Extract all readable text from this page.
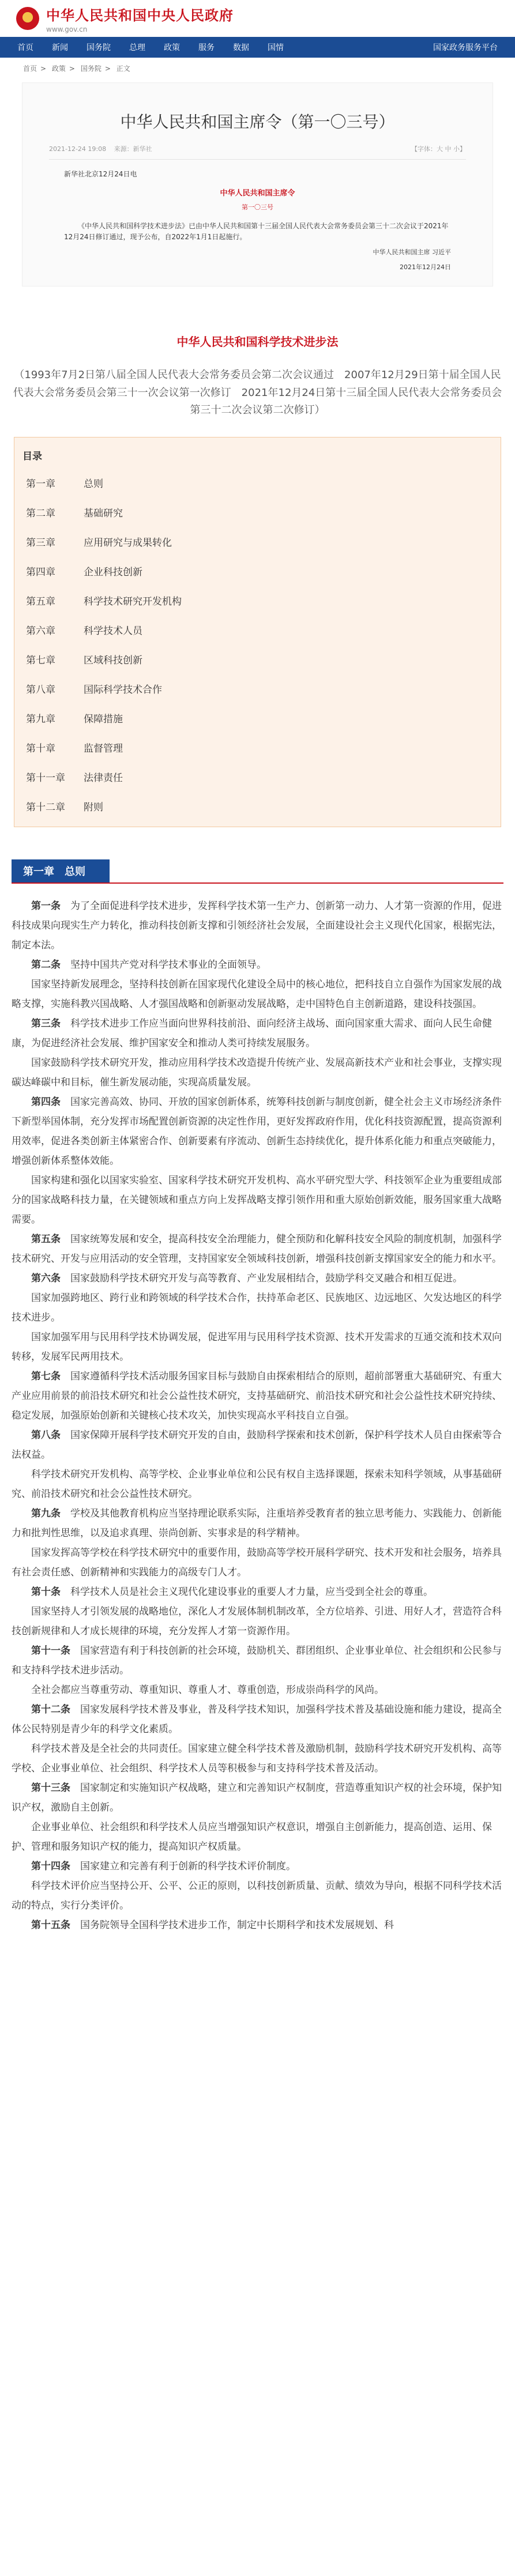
中华人民共和国中央人民政府
www.gov.cn
首页	新闻	国务院	总理	政策	服务	数据	国情	国家政务服务平台
首页 > 政策 > 国务院 > 正文
中华人民共和国主席令（第一〇三号）
2021-12-24 19:08 来源：新华社	【字体：大 中 小】
新华社北京12月24日电
中华人民共和国主席令
第一〇三号
《中华人民共和国科学技术进步法》已由中华人民共和国第十三届全国人民代表大会常务委员会第三十二次会议于2021年12月24日修订通过，现予公布，自2022年1月1日起施行。
中华人民共和国主席 习近平
2021年12月24日
中华人民共和国科学技术进步法
（1993年7月2日第八届全国人民代表大会常务委员会第二次会议通过　2007年12月29日第十届全国人民代表大会常务委员会第三十一次会议第一次修订　2021年12月24日第十三届全国人民代表大会常务委员会第三十二次会议第二次修订）
目录
第一章	总则
第二章	基础研究
第三章	应用研究与成果转化
第四章	企业科技创新
第五章	科学技术研究开发机构
第六章	科学技术人员
第七章	区域科技创新
第八章	国际科学技术合作
第九章	保障措施
第十章	监督管理
第十一章 法律责任
第十二章 附则
第一章　总则

第一条　为了全面促进科学技术进步，发挥科学技术第一生产力、创新第一动力、人才第一资源的作用，促进科技成果向现实生产力转化，推动科技创新支撑和引领经济社会发展，全面建设社会主义现代化国家，根据宪法，制定本法。

第二条　坚持中国共产党对科学技术事业的全面领导。

国家坚持新发展理念，坚持科技创新在国家现代化建设全局中的核心地位，把科技自立自强作为国家发展的战略支撑，实施科教兴国战略、人才强国战略和创新驱动发展战略，走中国特色自主创新道路，建设科技强国。

第三条　科学技术进步工作应当面向世界科技前沿、面向经济主战场、面向国家重大需求、面向人民生命健康，为促进经济社会发展、维护国家安全和推动人类可持续发展服务。

国家鼓励科学技术研究开发，推动应用科学技术改造提升传统产业、发展高新技术产业和社会事业，支撑实现碳达峰碳中和目标，催生新发展动能，实现高质量发展。

第四条　国家完善高效、协同、开放的国家创新体系，统筹科技创新与制度创新，健全社会主义市场经济条件下新型举国体制，充分发挥市场配置创新资源的决定性作用，更好发挥政府作用，优化科技资源配置，提高资源利用效率，促进各类创新主体紧密合作、创新要素有序流动、创新生态持续优化，提升体系化能力和重点突破能力，增强创新体系整体效能。

国家构建和强化以国家实验室、国家科学技术研究开发机构、高水平研究型大学、科技领军企业为重要组成部分的国家战略科技力量，在关键领域和重点方向上发挥战略支撑引领作用和重大原始创新效能，服务国家重大战略需要。

第五条　国家统筹发展和安全，提高科技安全治理能力，健全预防和化解科技安全风险的制度机制，加强科学技术研究、开发与应用活动的安全管理，支持国家安全领域科技创新，增强科技创新支撑国家安全的能力和水平。

第六条　国家鼓励科学技术研究开发与高等教育、产业发展相结合，鼓励学科交叉融合和相互促进。

国家加强跨地区、跨行业和跨领域的科学技术合作，扶持革命老区、民族地区、边远地区、欠发达地区的科学技术进步。

国家加强军用与民用科学技术协调发展，促进军用与民用科学技术资源、技术开发需求的互通交流和技术双向转移，发展军民两用技术。

第七条　国家遵循科学技术活动服务国家目标与鼓励自由探索相结合的原则，超前部署重大基础研究、有重大产业应用前景的前沿技术研究和社会公益性技术研究，支持基础研究、前沿技术研究和社会公益性技术研究持续、稳定发展，加强原始创新和关键核心技术攻关，加快实现高水平科技自立自强。

第八条　国家保障开展科学技术研究开发的自由，鼓励科学探索和技术创新，保护科学技术人员自由探索等合法权益。

科学技术研究开发机构、高等学校、企业事业单位和公民有权自主选择课题，探索未知科学领域，从事基础研究、前沿技术研究和社会公益性技术研究。

第九条　学校及其他教育机构应当坚持理论联系实际，注重培养受教育者的独立思考能力、实践能力、创新能力和批判性思维，以及追求真理、崇尚创新、实事求是的科学精神。

国家发挥高等学校在科学技术研究中的重要作用，鼓励高等学校开展科学研究、技术开发和社会服务，培养具有社会责任感、创新精神和实践能力的高级专门人才。

第十条　科学技术人员是社会主义现代化建设事业的重要人才力量，应当受到全社会的尊重。

国家坚持人才引领发展的战略地位，深化人才发展体制机制改革，全方位培养、引进、用好人才，营造符合科技创新规律和人才成长规律的环境，充分发挥人才第一资源作用。

第十一条　国家营造有利于科技创新的社会环境，鼓励机关、群团组织、企业事业单位、社会组织和公民参与和支持科学技术进步活动。

全社会都应当尊重劳动、尊重知识、尊重人才、尊重创造，形成崇尚科学的风尚。

第十二条　国家发展科学技术普及事业，普及科学技术知识，加强科学技术普及基础设施和能力建设，提高全体公民特别是青少年的科学文化素质。

科学技术普及是全社会的共同责任。国家建立健全科学技术普及激励机制，鼓励科学技术研究开发机构、高等学校、企业事业单位、社会组织、科学技术人员等积极参与和支持科学技术普及活动。

第十三条　国家制定和实施知识产权战略，建立和完善知识产权制度，营造尊重知识产权的社会环境，保护知识产权，激励自主创新。

企业事业单位、社会组织和科学技术人员应当增强知识产权意识，增强自主创新能力，提高创造、运用、保护、管理和服务知识产权的能力，提高知识产权质量。

第十四条　国家建立和完善有利于创新的科学技术评价制度。

科学技术评价应当坚持公开、公平、公正的原则，以科技创新质量、贡献、绩效为导向，根据不同科学技术活动的特点，实行分类评价。

第十五条　国务院领导全国科学技术进步工作，制定中长期科学和技术发展规划、科
